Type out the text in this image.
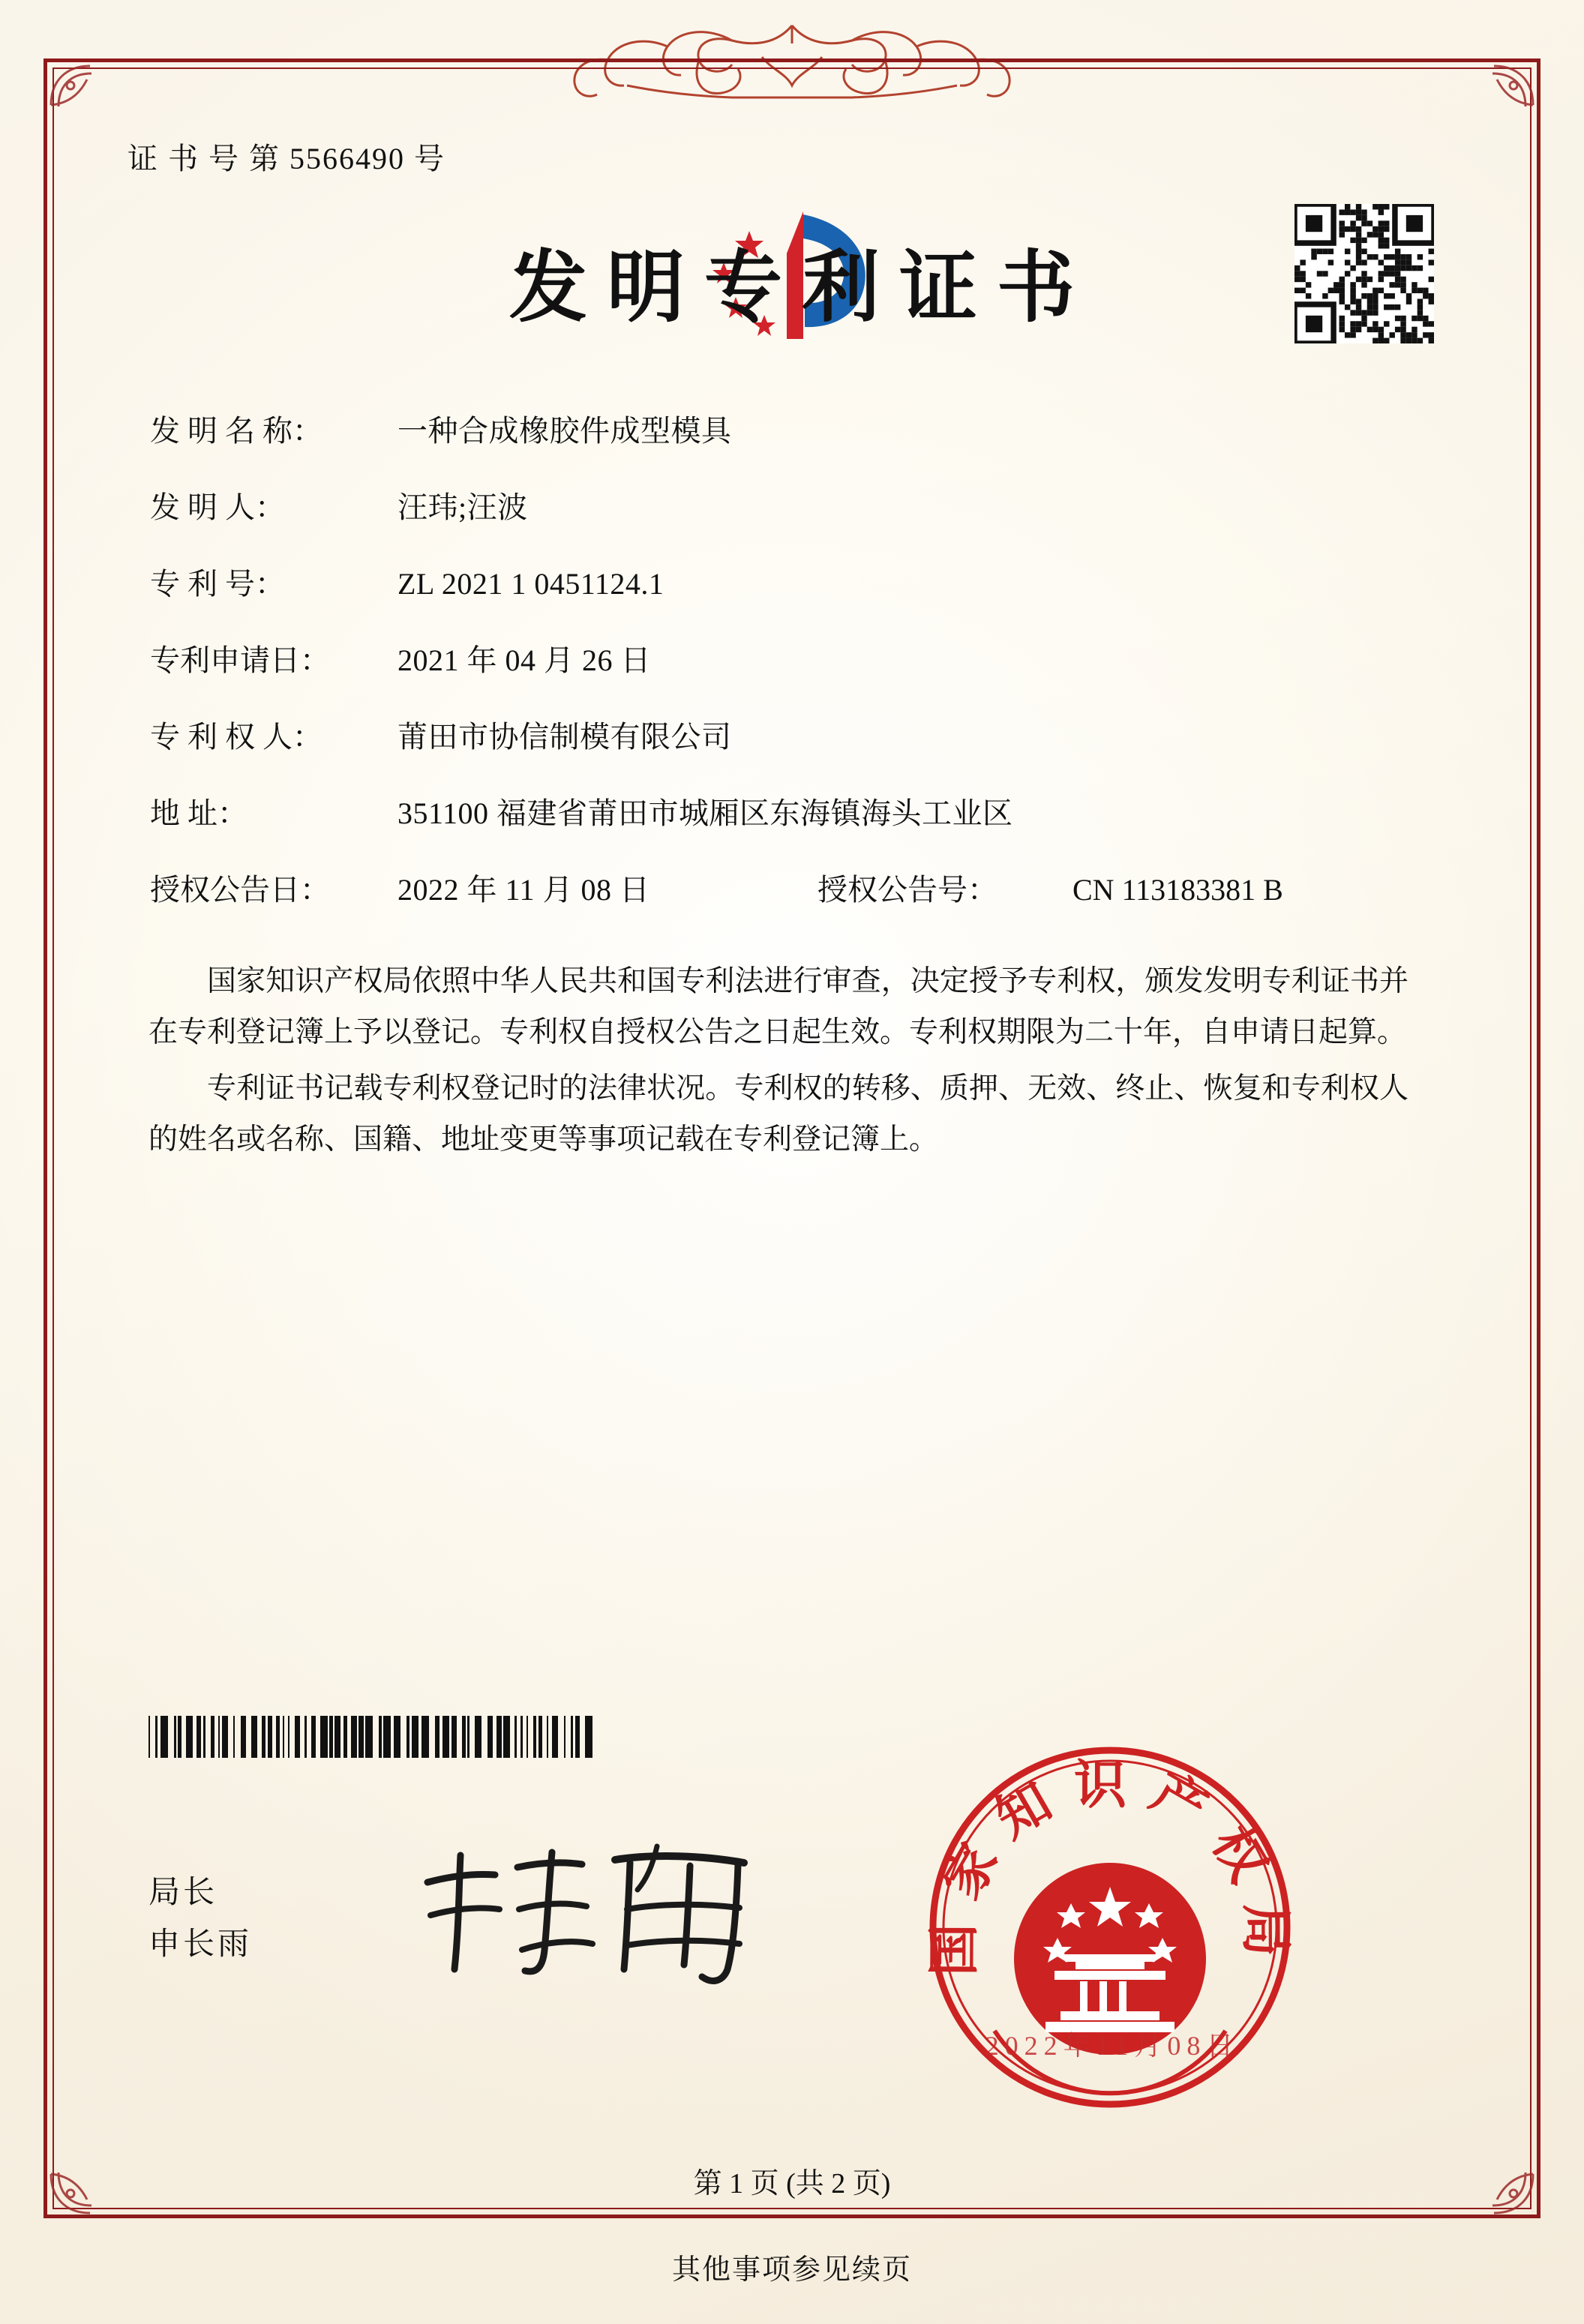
证 书 号 第 5566490 号
发明专利证书
发 明 名 称：	一种合成橡胶件成型模具
发 明 人：	汪玮;汪波
专 利 号：	ZL 2021 1 0451124.1
专利申请日：	2021 年 04 月 26 日
专 利 权 人：	莆田市协信制模有限公司
地 址：	351100 福建省莆田市城厢区东海镇海头工业区
授权公告日：	2022 年 11 月 08 日	授权公告号：	CN 113183381 B

国家知识产权局依照中华人民共和国专利法进行审查，决定授予专利权，颁发发明专利证书并在专利登记簿上予以登记。专利权自授权公告之日起生效。专利权期限为二十年，自申请日起算。

专利证书记载专利权登记时的法律状况。专利权的转移、质押、无效、终止、恢复和专利权人的姓名或名称、国籍、地址变更等事项记载在专利登记簿上。

局长
申长雨	国家知识产权局
2022年11月08日
第 1 页 (共 2 页)
其他事项参见续页
